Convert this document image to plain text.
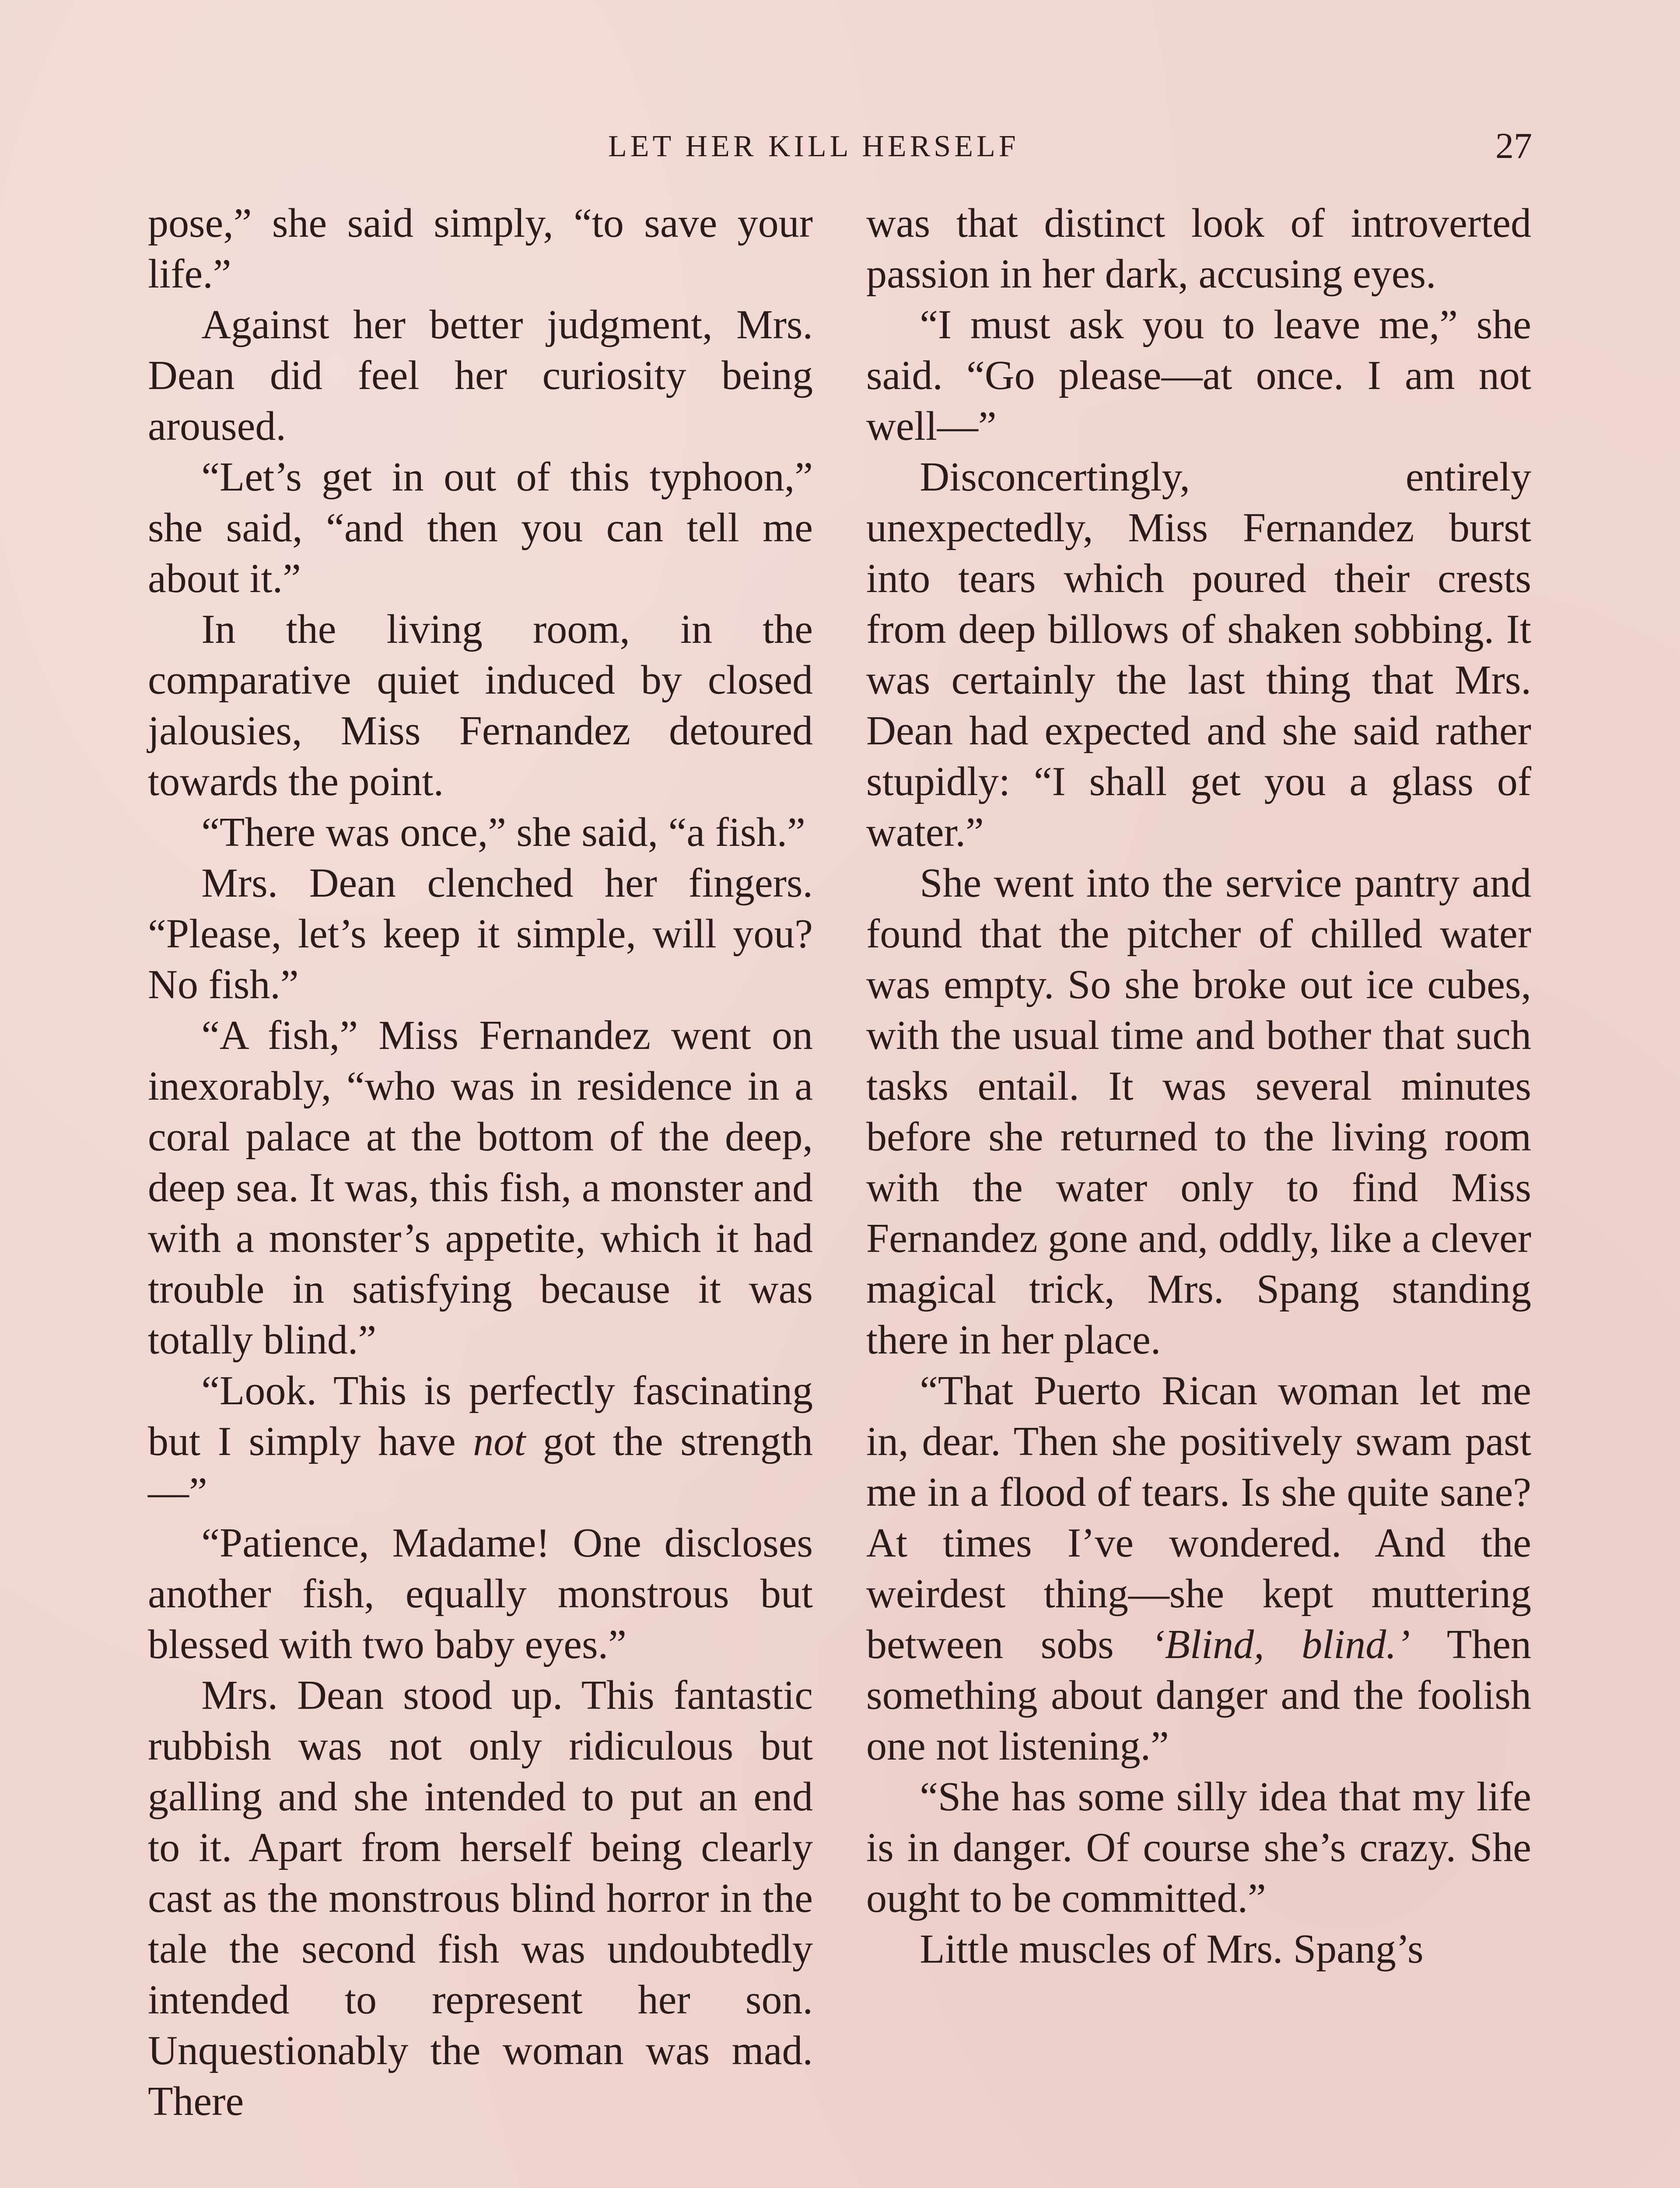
LET HER KILL HERSELF	27

pose,” she said simply, “to save your life.”

Against her better judgment, Mrs. Dean did feel her curiosity being aroused.

“Let’s get in out of this typhoon,” she said, “and then you can tell me about it.”

In the living room, in the comparative quiet induced by closed jalousies, Miss Fernandez detoured towards the point.

“There was once,” she said, “a fish.”

Mrs. Dean clenched her fingers. “Please, let’s keep it simple, will you? No fish.”

“A fish,” Miss Fernandez went on inexorably, “who was in residence in a coral palace at the bottom of the deep, deep sea. It was, this fish, a monster and with a monster’s appetite, which it had trouble in satisfying because it was totally blind.”

“Look. This is perfectly fascinating but I simply have not got the strength—”

“Patience, Madame! One discloses another fish, equally monstrous but blessed with two baby eyes.”

Mrs. Dean stood up. This fantastic rubbish was not only ridiculous but galling and she intended to put an end to it. Apart from herself being clearly cast as the monstrous blind horror in the tale the second fish was undoubtedly intended to represent her son. Unquestionably the woman was mad. There

was that distinct look of introverted passion in her dark, accusing eyes.

“I must ask you to leave me,” she said. “Go please—at once. I am not well—”

Disconcertingly, entirely unexpectedly, Miss Fernandez burst into tears which poured their crests from deep billows of shaken sobbing. It was certainly the last thing that Mrs. Dean had expected and she said rather stupidly: “I shall get you a glass of water.”

She went into the service pantry and found that the pitcher of chilled water was empty. So she broke out ice cubes, with the usual time and bother that such tasks entail. It was several minutes before she returned to the living room with the water only to find Miss Fernandez gone and, oddly, like a clever magical trick, Mrs. Spang standing there in her place.

“That Puerto Rican woman let me in, dear. Then she positively swam past me in a flood of tears. Is she quite sane? At times I’ve wondered. And the weirdest thing—she kept muttering between sobs ‘Blind, blind.’ Then something about danger and the foolish one not listening.”

“She has some silly idea that my life is in danger. Of course she’s crazy. She ought to be committed.”

Little muscles of Mrs. Spang’s
